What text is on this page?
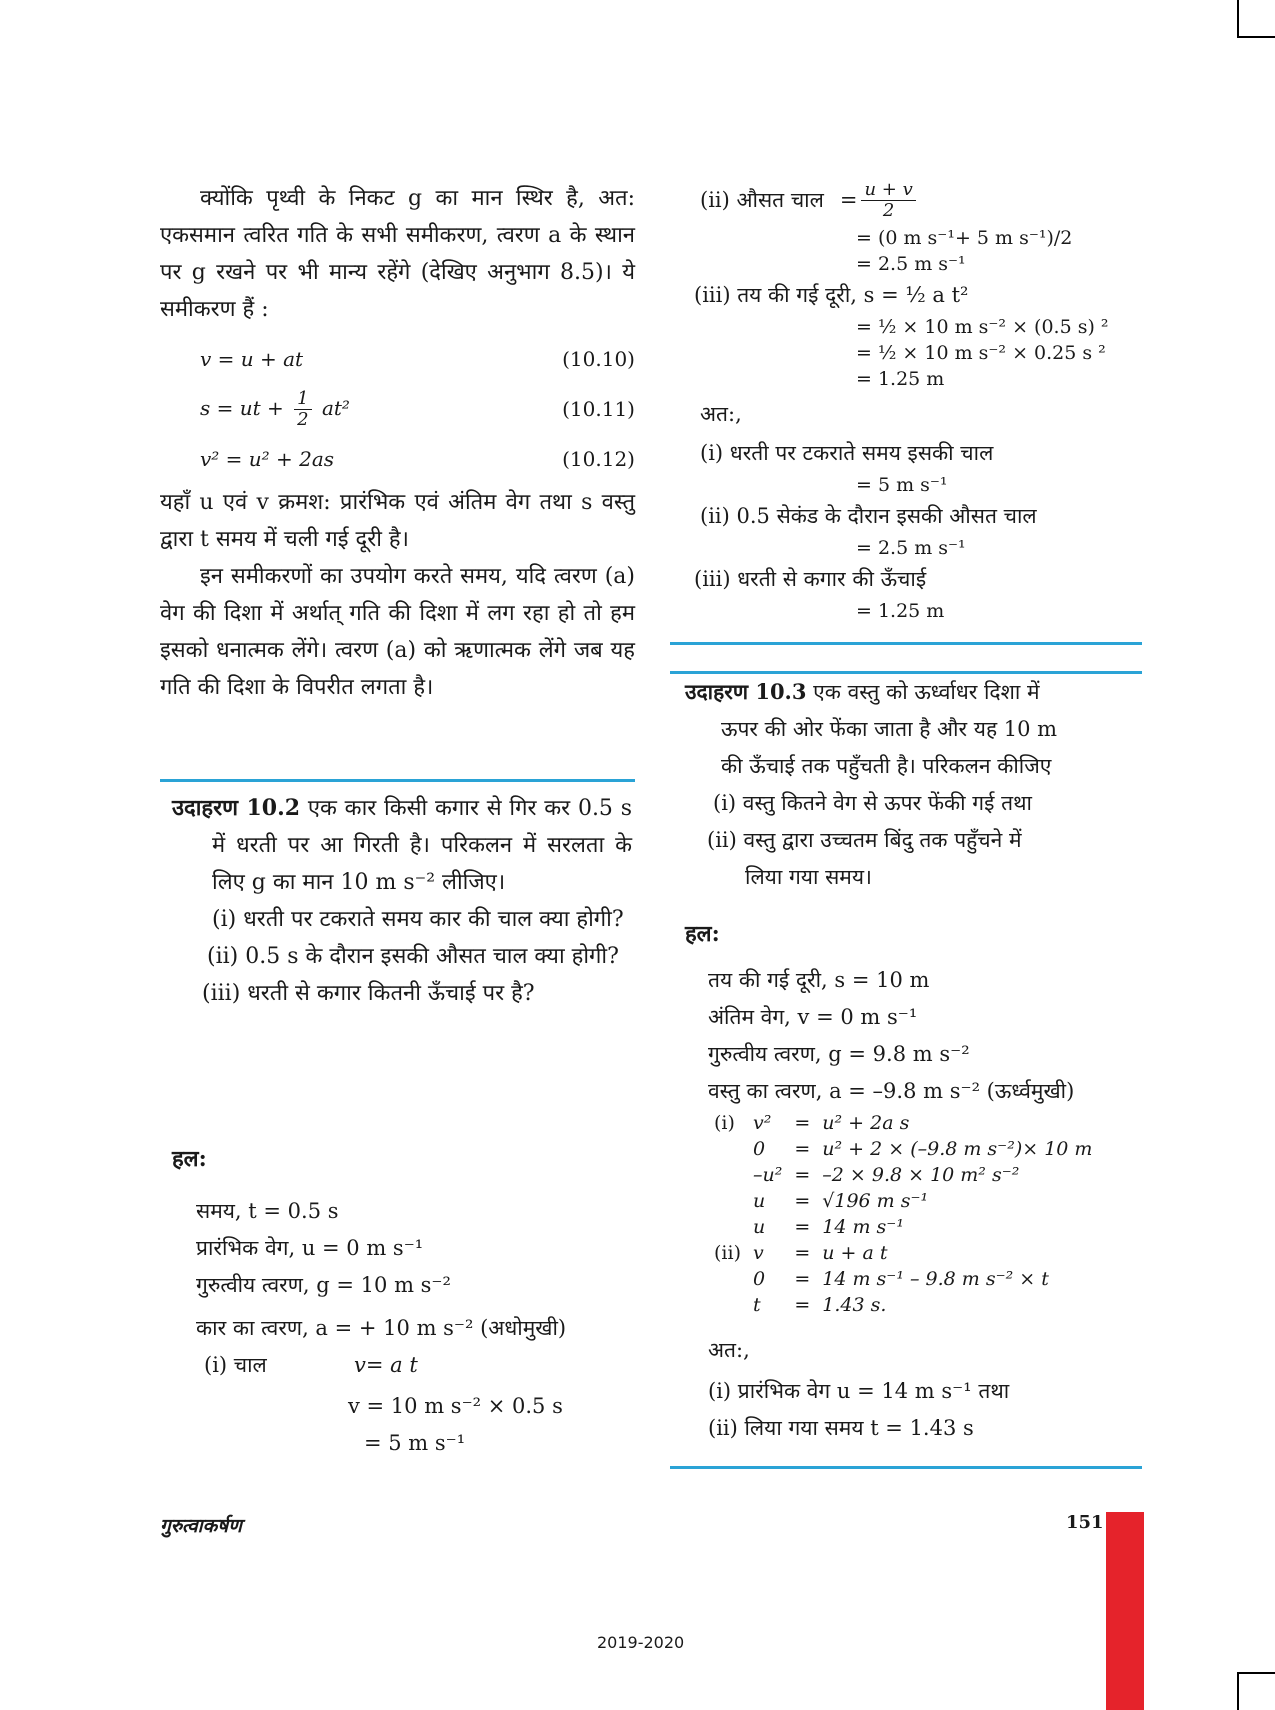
क्योंकि पृथ्वी के निकट g का मान स्थिर है, अत: एकसमान त्वरित गति के सभी समीकरण, त्वरण a के स्थान पर g रखने पर भी मान्य रहेंगे (देखिए अनुभाग 8.5)। ये समीकरण हैं :

v = u + at	(10.10)
s = ut + $\frac{1}{2} at^2$	(10.11)
v² = u² + 2as	(10.12)

यहाँ u एवं v क्रमश: प्रारंभिक एवं अंतिम वेग तथा s वस्तु द्वारा t समय में चली गई दूरी है।

इन समीकरणों का उपयोग करते समय, यदि त्वरण (a) वेग की दिशा में अर्थात् गति की दिशा में लग रहा हो तो हम इसको धनात्मक लेंगे। त्वरण (a) को ऋणात्मक लेंगे जब यह गति की दिशा के विपरीत लगता है।

उदाहरण 10.2 एक कार किसी कगार से गिर कर 0.5 s में धरती पर आ गिरती है। परिकलन में सरलता के लिए g का मान 10 m s⁻² लीजिए।

(i) धरती पर टकराते समय कार की चाल क्या होगी?

(ii) 0.5 s के दौरान इसकी औसत चाल क्या होगी?

(iii) धरती से कगार कितनी ऊँचाई पर है?

हल:
समय, t = 0.5 s
प्रारंभिक वेग, u = 0 m s⁻¹
गुरुत्वीय त्वरण, g = 10 m s⁻²
कार का त्वरण, a = + 10 m s⁻² (अधोमुखी)
(i) चाल	v= a t
v = 10 m s⁻² × 0.5 s
= 5 m s⁻¹
(ii) औसत चाल = $\frac{u + v}{2}$
= (0 m s⁻¹+ 5 m s⁻¹)/2
= 2.5 m s⁻¹
(iii) तय की गई दूरी, s = ½ a t²
= ½ × 10 m s⁻² × (0.5 s) ²
= ½ × 10 m s⁻² × 0.25 s ²
= 1.25 m
अत:,
(i) धरती पर टकराते समय इसकी चाल
= 5 m s⁻¹
(ii) 0.5 सेकंड के दौरान इसकी औसत चाल
= 2.5 m s⁻¹
(iii) धरती से कगार की ऊँचाई
= 1.25 m
उदाहरण 10.3 एक वस्तु को ऊर्ध्वाधर दिशा में
ऊपर की ओर फेंका जाता है और यह 10 m
की ऊँचाई तक पहुँचती है। परिकलन कीजिए
(i) वस्तु कितने वेग से ऊपर फेंकी गई तथा
(ii) वस्तु द्वारा उच्चतम बिंदु तक पहुँचने में
लिया गया समय।
हल:
तय की गई दूरी, s = 10 m
अंतिम वेग, v = 0 m s⁻¹
गुरुत्वीय त्वरण, g = 9.8 m s⁻²
वस्तु का त्वरण, a = –9.8 m s⁻² (ऊर्ध्वमुखी)
(i)	v²	=	u² + 2a s
	0	=	u² + 2 × (–9.8 m s⁻²)× 10 m
	–u²	=	–2 × 9.8 × 10 m² s⁻²
	u	=	√196 m s⁻¹
	u	=	14 m s⁻¹
(ii)	v	=	u + a t
	0	=	14 m s⁻¹ – 9.8 m s⁻² × t
	t	=	1.43 s.
अत:,
(i) प्रारंभिक वेग u = 14 m s⁻¹ तथा
(ii) लिया गया समय t = 1.43 s
गुरुत्वाकर्षण	151
2019-2020
